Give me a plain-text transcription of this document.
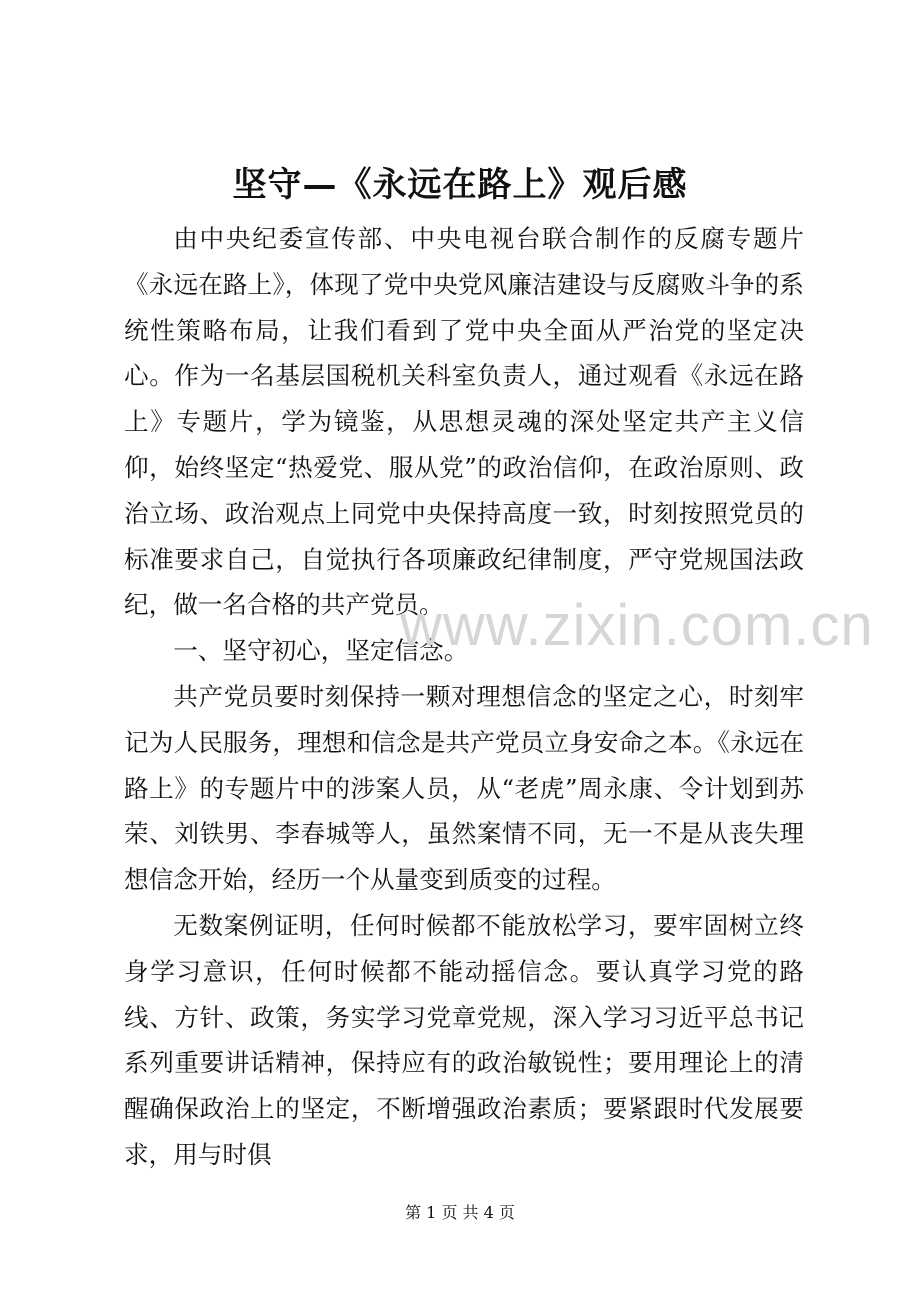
坚守—《永远在路上》观后感

由中央纪委宣传部、中央电视台联合制作的反腐专题片《永远在路上》，体现了党中央党风廉洁建设与反腐败斗争的系统性策略布局，让我们看到了党中央全面从严治党的坚定决心。作为一名基层国税机关科室负责人，通过观看《永远在路上》专题片，学为镜鉴，从思想灵魂的深处坚定共产主义信仰，始终坚定“热爱党、服从党”的政治信仰，在政治原则、政治立场、政治观点上同党中央保持高度一致，时刻按照党员的标准要求自己，自觉执行各项廉政纪律制度，严守党规国法政纪，做一名合格的共产党员。

一、坚守初心，坚定信念。

共产党员要时刻保持一颗对理想信念的坚定之心，时刻牢记为人民服务，理想和信念是共产党员立身安命之本。《永远在路上》的专题片中的涉案人员，从“老虎”周永康、令计划到苏荣、刘铁男、李春城等人，虽然案情不同，无一不是从丧失理想信念开始，经历一个从量变到质变的过程。

无数案例证明，任何时候都不能放松学习，要牢固树立终身学习意识，任何时候都不能动摇信念。要认真学习党的路线、方针、政策，务实学习党章党规，深入学习习近平总书记系列重要讲话精神，保持应有的政治敏锐性；要用理论上的清醒确保政治上的坚定，不断增强政治素质；要紧跟时代发展要求，用与时俱

www.zixin.com.cn
第 1 页 共 4 页
